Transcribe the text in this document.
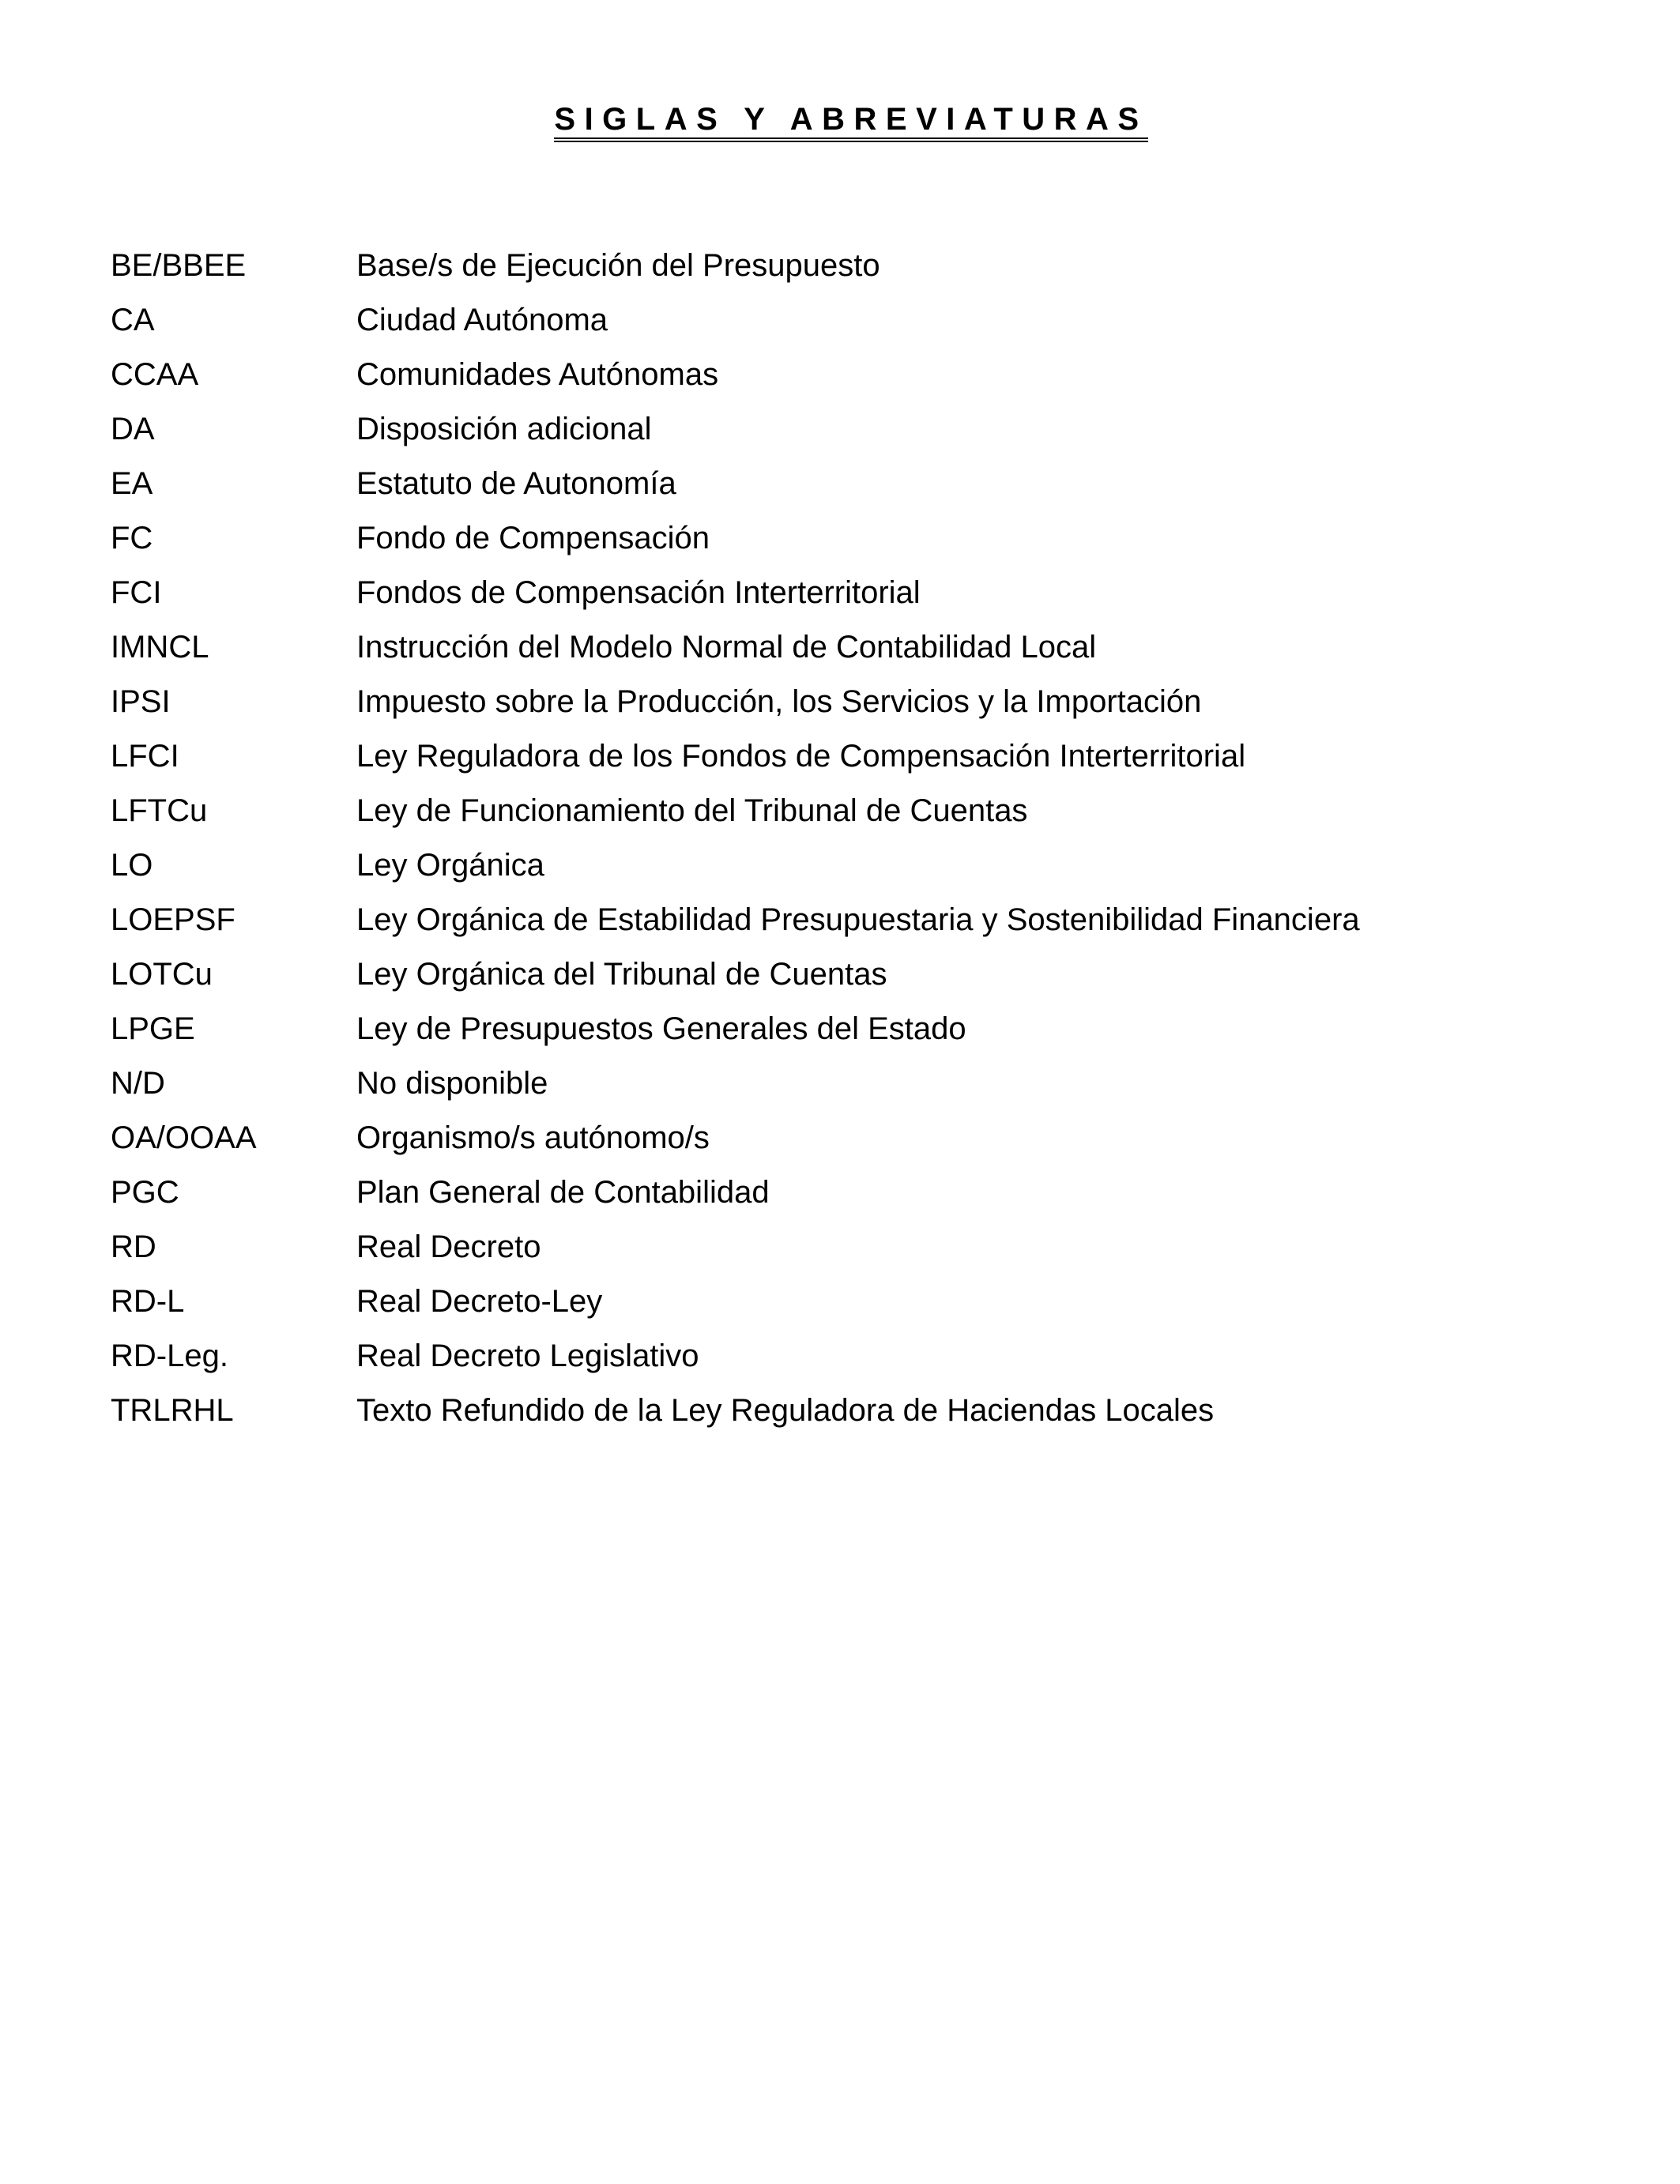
SIGLAS Y ABREVIATURAS
BE/BBEE	Base/s de Ejecución del Presupuesto
CA	Ciudad Autónoma
CCAA	Comunidades Autónomas
DA	Disposición adicional
EA	Estatuto de Autonomía
FC	Fondo de Compensación
FCI	Fondos de Compensación Interterritorial
IMNCL	Instrucción del Modelo Normal de Contabilidad Local
IPSI	Impuesto sobre la Producción, los Servicios y la Importación
LFCI	Ley Reguladora de los Fondos de Compensación Interterritorial
LFTCu	Ley de Funcionamiento del Tribunal de Cuentas
LO	Ley Orgánica
LOEPSF	Ley Orgánica de Estabilidad Presupuestaria y Sostenibilidad Financiera
LOTCu	Ley Orgánica del Tribunal de Cuentas
LPGE	Ley de Presupuestos Generales del Estado
N/D	No disponible
OA/OOAA	Organismo/s autónomo/s
PGC	Plan General de Contabilidad
RD	Real Decreto
RD-L	Real Decreto-Ley
RD-Leg.	Real Decreto Legislativo
TRLRHL	Texto Refundido de la Ley Reguladora de Haciendas Locales
